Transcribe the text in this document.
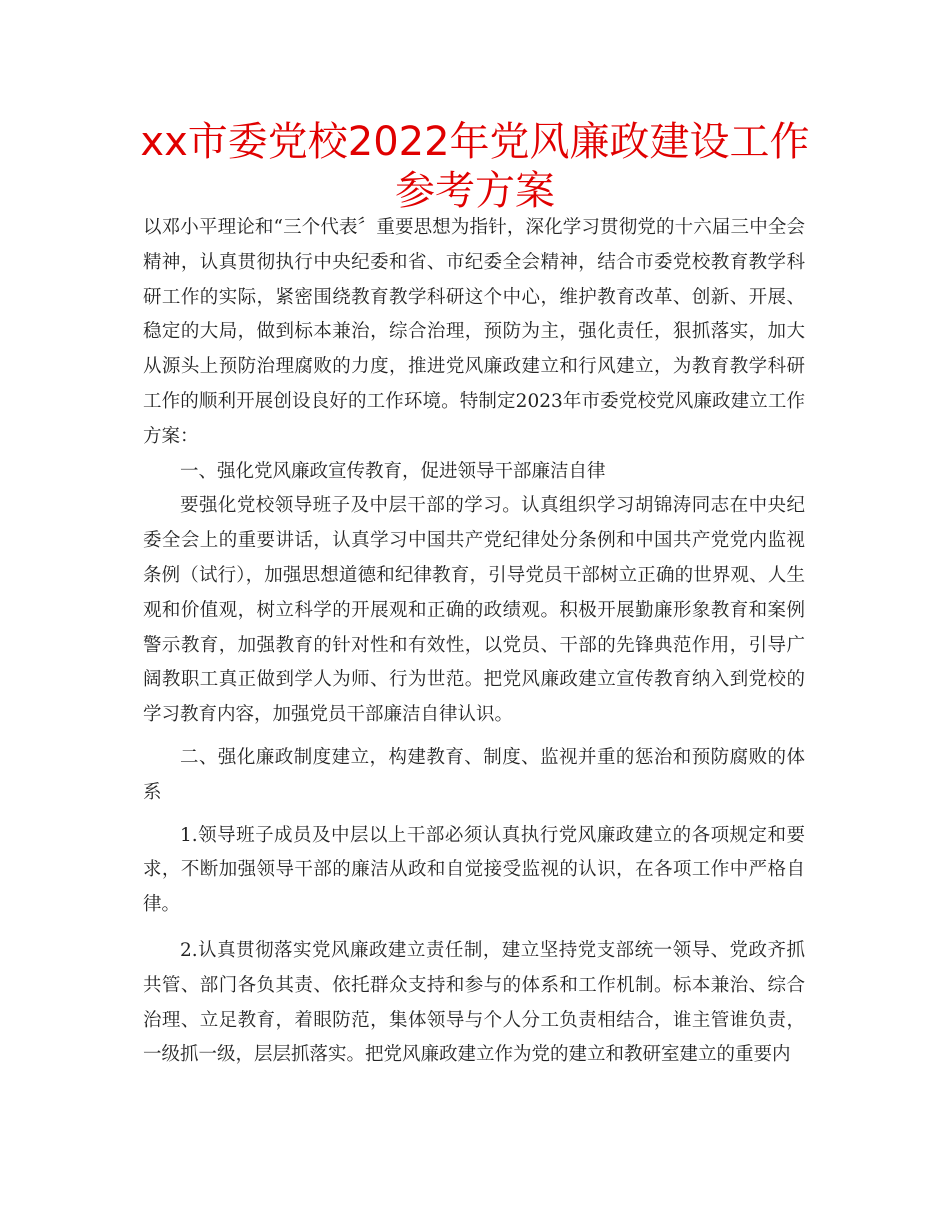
xx市委党校2022年党风廉政建设工作参考方案

以邓小平理论和“三个代表〞重要思想为指针，深化学习贯彻党的十六届三中全会精神，认真贯彻执行中央纪委和省、市纪委全会精神，结合市委党校教育教学科研工作的实际，紧密围绕教育教学科研这个中心，维护教育改革、创新、开展、稳定的大局，做到标本兼治，综合治理，预防为主，强化责任，狠抓落实，加大从源头上预防治理腐败的力度，推进党风廉政建立和行风建立，为教育教学科研工作的顺利开展创设良好的工作环境。特制定2023年市委党校党风廉政建立工作方案：

一、强化党风廉政宣传教育，促进领导干部廉洁自律

要强化党校领导班子及中层干部的学习。认真组织学习胡锦涛同志在中央纪委全会上的重要讲话，认真学习中国共产党纪律处分条例和中国共产党党内监视条例（试行），加强思想道德和纪律教育，引导党员干部树立正确的世界观、人生观和价值观，树立科学的开展观和正确的政绩观。积极开展勤廉形象教育和案例警示教育，加强教育的针对性和有效性，以党员、干部的先锋典范作用，引导广阔教职工真正做到学人为师、行为世范。把党风廉政建立宣传教育纳入到党校的学习教育内容，加强党员干部廉洁自律认识。

二、强化廉政制度建立，构建教育、制度、监视并重的惩治和预防腐败的体系

1.领导班子成员及中层以上干部必须认真执行党风廉政建立的各项规定和要求，不断加强领导干部的廉洁从政和自觉接受监视的认识，在各项工作中严格自律。

2.认真贯彻落实党风廉政建立责任制，建立坚持党支部统一领导、党政齐抓共管、部门各负其责、依托群众支持和参与的体系和工作机制。标本兼治、综合治理、立足教育，着眼防范，集体领导与个人分工负责相结合，谁主管谁负责，一级抓一级，层层抓落实。把党风廉政建立作为党的建立和教研室建立的重要内
